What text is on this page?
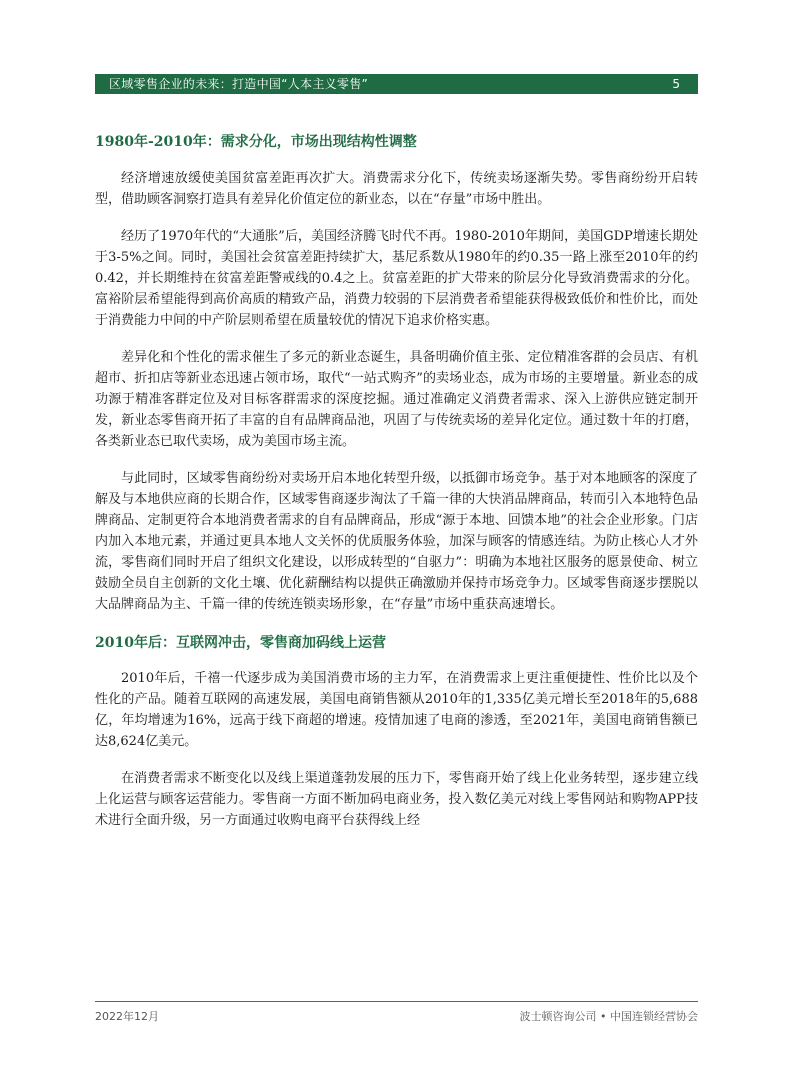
区域零售企业的未来：打造中国“人本主义零售”	5
1980年-2010年：需求分化，市场出现结构性调整

经济增速放缓使美国贫富差距再次扩大。消费需求分化下，传统卖场逐渐失势。零售商纷纷开启转型，借助顾客洞察打造具有差异化价值定位的新业态，以在“存量”市场中胜出。

经历了1970年代的“大通胀”后，美国经济腾飞时代不再。1980-2010年期间，美国GDP增速长期处于3-5%之间。同时，美国社会贫富差距持续扩大，基尼系数从1980年的约0.35一路上涨至2010年的约0.42，并长期维持在贫富差距警戒线的0.4之上。贫富差距的扩大带来的阶层分化导致消费需求的分化。富裕阶层希望能得到高价高质的精致产品，消费力较弱的下层消费者希望能获得极致低价和性价比，而处于消费能力中间的中产阶层则希望在质量较优的情况下追求价格实惠。

差异化和个性化的需求催生了多元的新业态诞生，具备明确价值主张、定位精准客群的会员店、有机超市、折扣店等新业态迅速占领市场，取代“一站式购齐”的卖场业态，成为市场的主要增量。新业态的成功源于精准客群定位及对目标客群需求的深度挖掘。通过准确定义消费者需求、深入上游供应链定制开发，新业态零售商开拓了丰富的自有品牌商品池，巩固了与传统卖场的差异化定位。通过数十年的打磨，各类新业态已取代卖场，成为美国市场主流。

与此同时，区域零售商纷纷对卖场开启本地化转型升级，以抵御市场竞争。基于对本地顾客的深度了解及与本地供应商的长期合作，区域零售商逐步淘汰了千篇一律的大快消品牌商品，转而引入本地特色品牌商品、定制更符合本地消费者需求的自有品牌商品，形成“源于本地、回馈本地”的社会企业形象。门店内加入本地元素，并通过更具本地人文关怀的优质服务体验，加深与顾客的情感连结。为防止核心人才外流，零售商们同时开启了组织文化建设，以形成转型的“自驱力”：明确为本地社区服务的愿景使命、树立鼓励全员自主创新的文化土壤、优化薪酬结构以提供正确激励并保持市场竞争力。区域零售商逐步摆脱以大品牌商品为主、千篇一律的传统连锁卖场形象，在“存量”市场中重获高速增长。

2010年后：互联网冲击，零售商加码线上运营

2010年后，千禧一代逐步成为美国消费市场的主力军，在消费需求上更注重便捷性、性价比以及个性化的产品。随着互联网的高速发展，美国电商销售额从2010年的1,335亿美元增长至2018年的5,688亿，年均增速为16%，远高于线下商超的增速。疫情加速了电商的渗透，至2021年，美国电商销售额已达8,624亿美元。

在消费者需求不断变化以及线上渠道蓬勃发展的压力下，零售商开始了线上化业务转型，逐步建立线上化运营与顾客运营能力。零售商一方面不断加码电商业务，投入数亿美元对线上零售网站和购物APP技术进行全面升级，另一方面通过收购电商平台获得线上经

2022年12月	波士顿咨询公司 • 中国连锁经营协会
